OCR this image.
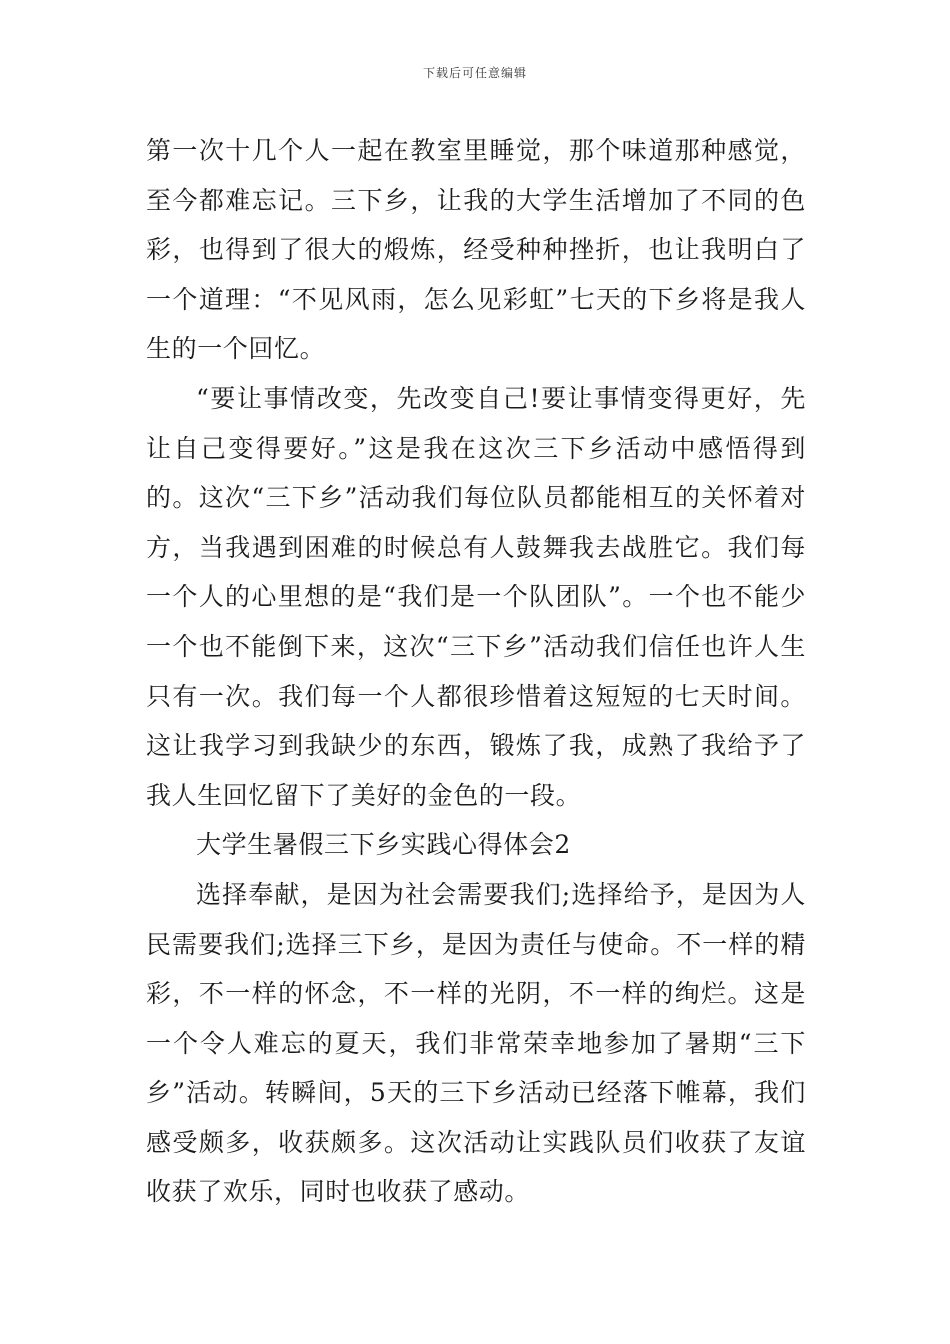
下载后可任意编辑

第一次十几个人一起在教室里睡觉，那个味道那种感觉，至今都难忘记。三下乡，让我的大学生活增加了不同的色彩，也得到了很大的煅炼，经受种种挫折，也让我明白了一个道理：“不见风雨，怎么见彩虹”七天的下乡将是我人生的一个回忆。

“要让事情改变，先改变自己!要让事情变得更好，先让自己变得要好。”这是我在这次三下乡活动中感悟得到的。这次“三下乡”活动我们每位队员都能相互的关怀着对方，当我遇到困难的时候总有人鼓舞我去战胜它。我们每一个人的心里想的是“我们是一个队团队”。一个也不能少一个也不能倒下来，这次“三下乡”活动我们信任也许人生只有一次。我们每一个人都很珍惜着这短短的七天时间。这让我学习到我缺少的东西，锻炼了我，成熟了我给予了我人生回忆留下了美好的金色的一段。

大学生暑假三下乡实践心得体会2

选择奉献，是因为社会需要我们;选择给予，是因为人民需要我们;选择三下乡，是因为责任与使命。不一样的精彩，不一样的怀念，不一样的光阴，不一样的绚烂。这是一个令人难忘的夏天，我们非常荣幸地参加了暑期“三下乡”活动。转瞬间，5天的三下乡活动已经落下帷幕，我们感受颇多，收获颇多。这次活动让实践队员们收获了友谊收获了欢乐，同时也收获了感动。
